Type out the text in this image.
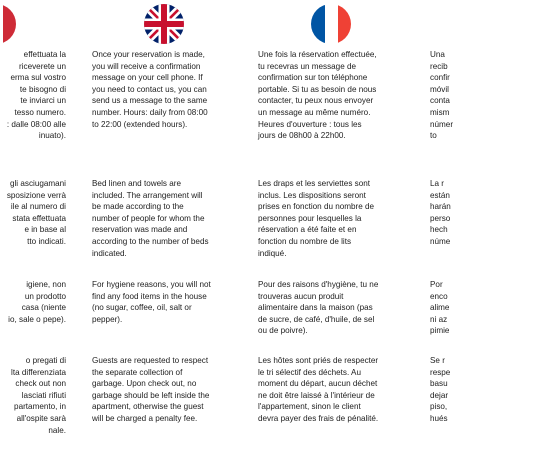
effettuata la
riceverete un
erma sul vostro
te bisogno di
te inviarci un
tesso numero.
: dalle 08:00 alle
inuato).

gli asciugamani
sposizione verrà
ile al numero di
stata effettuata
e in base al
tto indicati.

igiene, non
un prodotto
casa (niente
io, sale o pepe).

o pregati di
lta differenziata
check out non
lasciati rifiuti
partamento, in
all'ospite sarà
nale.

Once your reservation is made,
you will receive a confirmation
message on your cell phone. If
you need to contact us, you can
send us a message to the same
number. Hours: daily from 08:00
to 22:00 (extended hours).

Bed linen and towels are
included. The arrangement will
be made according to the
number of people for whom the
reservation was made and
according to the number of beds
indicated.

For hygiene reasons, you will not
find any food items in the house
(no sugar, coffee, oil, salt or
pepper).

Guests are requested to respect
the separate collection of
garbage. Upon check out, no
garbage should be left inside the
apartment, otherwise the guest
will be charged a penalty fee.

Une fois la réservation effectuée,
tu recevras un message de
confirmation sur ton téléphone
portable. Si tu as besoin de nous
contacter, tu peux nous envoyer
un message au même numéro.
Heures d'ouverture : tous les
jours de 08h00 à 22h00.

Les draps et les serviettes sont
inclus. Les dispositions seront
prises en fonction du nombre de
personnes pour lesquelles la
réservation a été faite et en
fonction du nombre de lits
indiqué.

Pour des raisons d'hygiène, tu ne
trouveras aucun produit
alimentaire dans la maison (pas
de sucre, de café, d'huile, de sel
ou de poivre).

Les hôtes sont priés de respecter
le tri sélectif des déchets. Au
moment du départ, aucun déchet
ne doit être laissé à l'intérieur de
l'appartement, sinon le client
devra payer des frais de pénalité.

Una
recib
confir
móvil
conta
mism
númer
to

La r
están
harán
perso
hech
núme

Por
enco
alime
ni az
pimie

Se r
respe
basu
dejar
piso,
hués
